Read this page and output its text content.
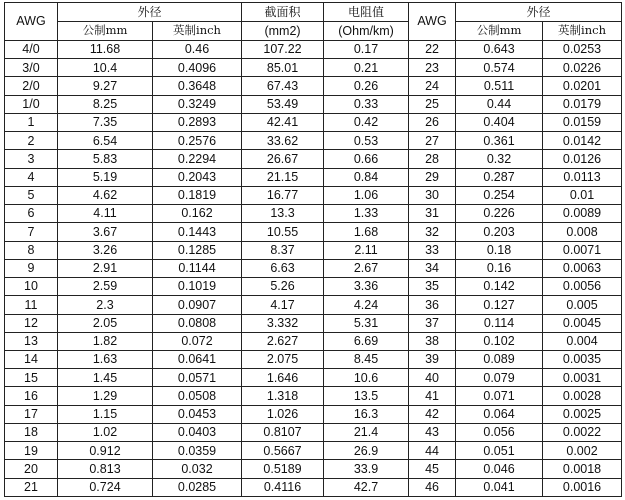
AWG	外径		截面积	电阻值	AWG	外径	
	公制mm	英制inch	(mm2)	(Ohm/km)		公制mm	英制inch
4/0	11.68	0.46	107.22	0.17	22	0.643	0.0253
3/0	10.4	0.4096	85.01	0.21	23	0.574	0.0226
2/0	9.27	0.3648	67.43	0.26	24	0.511	0.0201
1/0	8.25	0.3249	53.49	0.33	25	0.44	0.0179
1	7.35	0.2893	42.41	0.42	26	0.404	0.0159
2	6.54	0.2576	33.62	0.53	27	0.361	0.0142
3	5.83	0.2294	26.67	0.66	28	0.32	0.0126
4	5.19	0.2043	21.15	0.84	29	0.287	0.0113
5	4.62	0.1819	16.77	1.06	30	0.254	0.01
6	4.11	0.162	13.3	1.33	31	0.226	0.0089
7	3.67	0.1443	10.55	1.68	32	0.203	0.008
8	3.26	0.1285	8.37	2.11	33	0.18	0.0071
9	2.91	0.1144	6.63	2.67	34	0.16	0.0063
10	2.59	0.1019	5.26	3.36	35	0.142	0.0056
11	2.3	0.0907	4.17	4.24	36	0.127	0.005
12	2.05	0.0808	3.332	5.31	37	0.114	0.0045
13	1.82	0.072	2.627	6.69	38	0.102	0.004
14	1.63	0.0641	2.075	8.45	39	0.089	0.0035
15	1.45	0.0571	1.646	10.6	40	0.079	0.0031
16	1.29	0.0508	1.318	13.5	41	0.071	0.0028
17	1.15	0.0453	1.026	16.3	42	0.064	0.0025
18	1.02	0.0403	0.8107	21.4	43	0.056	0.0022
19	0.912	0.0359	0.5667	26.9	44	0.051	0.002
20	0.813	0.032	0.5189	33.9	45	0.046	0.0018
21	0.724	0.0285	0.4116	42.7	46	0.041	0.0016
